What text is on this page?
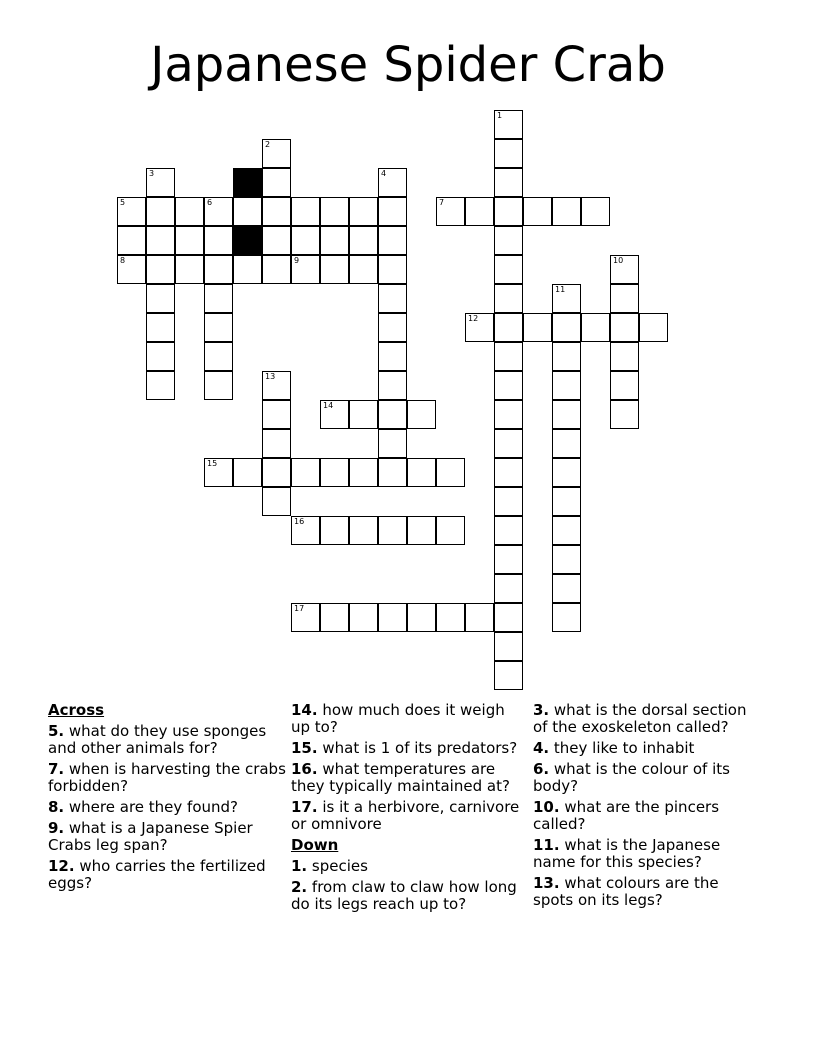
Japanese Spider Crab
5	6	7
8	9
12
14
15
16
17
1
2
3	4
10
11
13
Across
5. what do they use sponges and other animals for?
7. when is harvesting the crabs forbidden?
8. where are they found?
9. what is a Japanese Spier Crabs leg span?
12. who carries the fertilized eggs?
14. how much does it weigh up to?
15. what is 1 of its predators?
16. what temperatures are they typically maintained at?
17. is it a herbivore, carnivore or omnivore
Down
1. species
2. from claw to claw how long do its legs reach up to?
3. what is the dorsal section of the exoskeleton called?
4. they like to inhabit
6. what is the colour of its body?
10. what are the pincers called?
11. what is the Japanese name for this species?
13. what colours are the spots on its legs?
